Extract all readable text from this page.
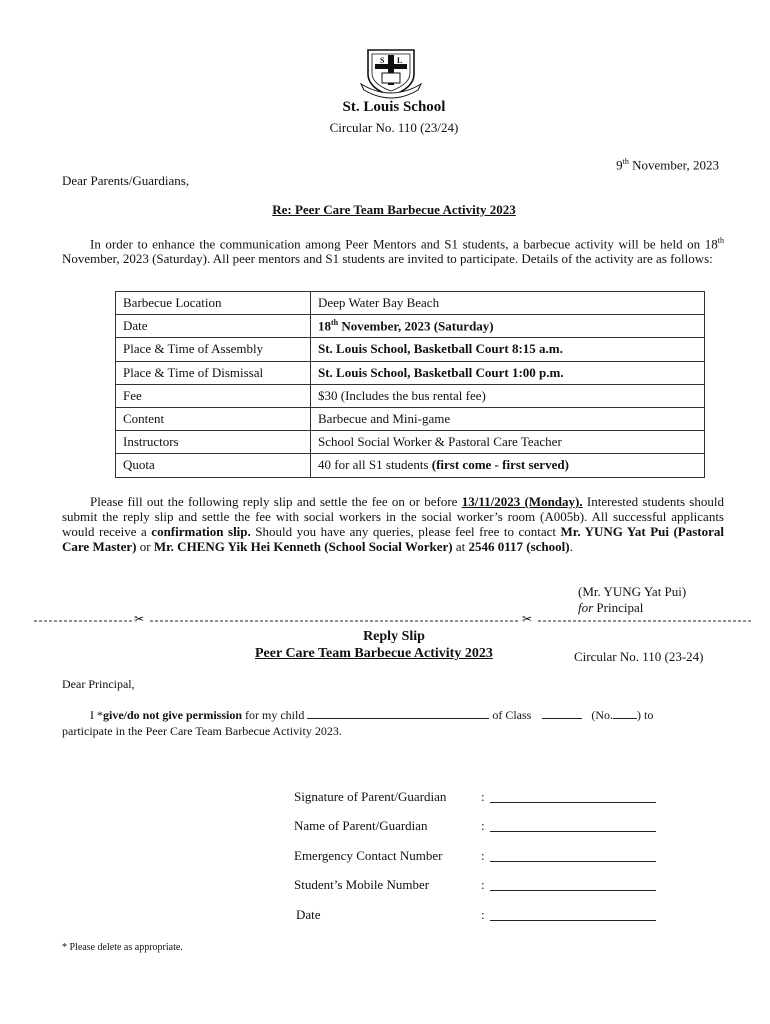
S L
St. Louis School
Circular No. 110 (23/24)
9th November, 2023
Dear Parents/Guardians,
Re: Peer Care Team Barbecue Activity 2023
In order to enhance the communication among Peer Mentors and S1 students, a barbecue activity will be held on 18th November, 2023 (Saturday). All peer mentors and S1 students are invited to participate. Details of the activity are as follows:
Barbecue Location	Deep Water Bay Beach
Date	18th November, 2023 (Saturday)
Place & Time of Assembly	St. Louis School, Basketball Court 8:15 a.m.
Place & Time of Dismissal	St. Louis School, Basketball Court 1:00 p.m.
Fee	$30 (Includes the bus rental fee)
Content	Barbecue and Mini-game
Instructors	School Social Worker & Pastoral Care Teacher
Quota	40 for all S1 students (first come - first served)
Please fill out the following reply slip and settle the fee on or before 13/11/2023 (Monday). Interested students should submit the reply slip and settle the fee with social workers in the social worker’s room (A005b). All successful applicants would receive a confirmation slip. Should you have any queries, please feel free to contact Mr. YUNG Yat Pui (Pastoral Care Master) or Mr. CHENG Yik Hei Kenneth (School Social Worker) at 2546 0117 (school).
(Mr. YUNG Yat Pui)
for Principal
✂	✂
Reply Slip
Peer Care Team Barbecue Activity 2023	Circular No. 110 (23-24)
Dear Principal,
I *give/do not give permission for my child	of Class	(No. ) to
participate in the Peer Care Team Barbecue Activity 2023.
Signature of Parent/Guardian	:
Name of Parent/Guardian	:
Emergency Contact Number	:
Student’s Mobile Number	:
Date	:
* Please delete as appropriate.
